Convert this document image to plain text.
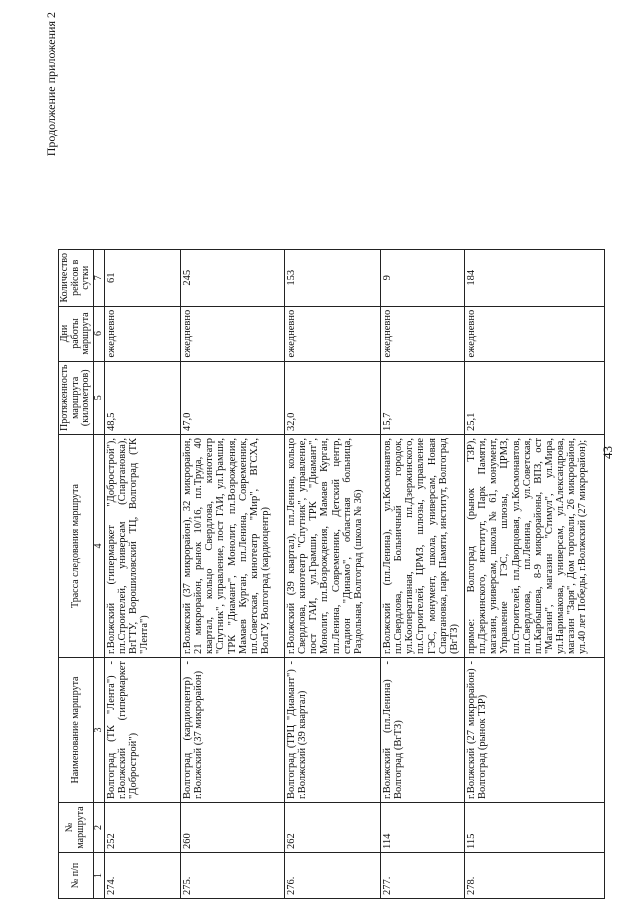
Продолжение приложения 2
№ п/п	№ маршрута	Наименование маршрута	Трасса следования маршрута	Протяженность маршрута (километров)	Дни работы маршрута	Количество рейсов в сутки
1	2	3	4	5	6	7
274.	252	Волгоград (ТК "Лента") - г.Волжский (гипермаркет "Добрострой")	г.Волжский (гипермаркет "Добрострой"), пл.Строителей, универсам (Спартановка), ВгГТУ, Ворошиловский ТЦ, Волгоград (ТК "Лента")	48,5	ежедневно	61
275.	260	Волгоград (кардиоцентр) - г.Волжский (37 микрорайон)	г.Волжский (37 микрорайон), 32 микрорайон, 21 микрорайон, рынок 10/16, пл.Труда, 40 квартал, кольцо Свердлова, кинотеатр "Спутник", управление, пост ГАИ, ул.Грамши, ТРК "Диамант", Монолит, пл.Возрождения, Мамаев Курган, пл.Ленина, Современник, пл.Советская, кинотеатр "Мир", ВГСХА, ВолГУ, Волгоград (кардиоцентр)	47,0	ежедневно	245
276.	262	Волгоград (ТРЦ "Диамант") - г.Волжский (39 квартал)	г.Волжский (39 квартал), пл.Ленина, кольцо Свердлова, кинотеатр "Спутник", управление, пост ГАИ, ул.Грамши, ТРК "Диамант", Монолит, пл.Возрождения, Мамаев Курган, пл.Ленина, Современник, Детский центр, стадион "Динамо", областная больница, Раздольная, Волгоград (школа № 36)	32,0	ежедневно	153
277.	114	г.Волжский (пл.Ленина) - Волгоград (ВгТЗ)	г.Волжский (пл.Ленина), ул.Космонавтов, пл.Свердлова, Больничный городок, ул.Кооперативная, пл.Дзержинского, пл.Строителей, ЦРМЗ, шлюзы, управление ГЭС, монумент, школа, универсам, Новая Спартановка, парк Памяти, институт, Волгоград (ВгТЗ)	15,7	ежедневно	9
278.	115	г.Волжский (27 микрорайон) - Волгоград (рынок ТЗР)	прямое: Волгоград (рынок ТЗР), пл.Дзержинского, институт, Парк Памяти, магазин, универсам, школа № 61, монумент, Управление ГЭС, шлюзы, ЦРМЗ, пл.Строителей, пл.Дворцовая, ул.Космонавтов, пл.Свердлова, пл.Ленина, ул.Советская, пл.Карбышева, 8-9 микрорайоны, ВПЗ, ост "Магазин", магазин "Стимул", ул.Мира, ул.Наримакова, универсам, ул.Александрова, магазин "Заря", Дом торговли, 26 микрорайон, ул.40 лет Победы, г.Волжский (27 микрорайон);	25,1	ежедневно	184
43
